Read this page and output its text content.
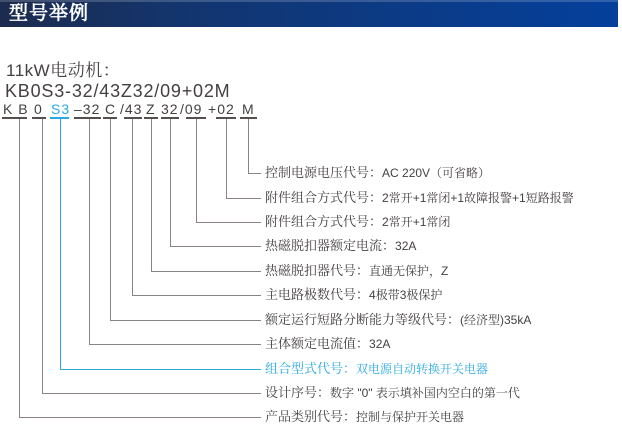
型号举例
11kW电动机：
KB0S3-32/43Z32/09+02M
K B
产品类别代号：控制与保护开关电器
0
设计序号：数字 "0" 表示填补国内空白的第一代
S3
组合型式代号：双电源自动转换开关电器
–32
主体额定电流值：32A
C
额定运行短路分断能力等级代号：(经济型)35kA
/43
主电路极数代号：4极带3极保护
Z
热磁脱扣器代号：直通无保护，Z
32
热磁脱扣器额定电流：32A
/09
附件组合方式代号：2常开+1常闭
+02
附件组合方式代号：2常开+1常闭+1故障报警+1短路报警
M
控制电源电压代号：AC 220V（可省略）
